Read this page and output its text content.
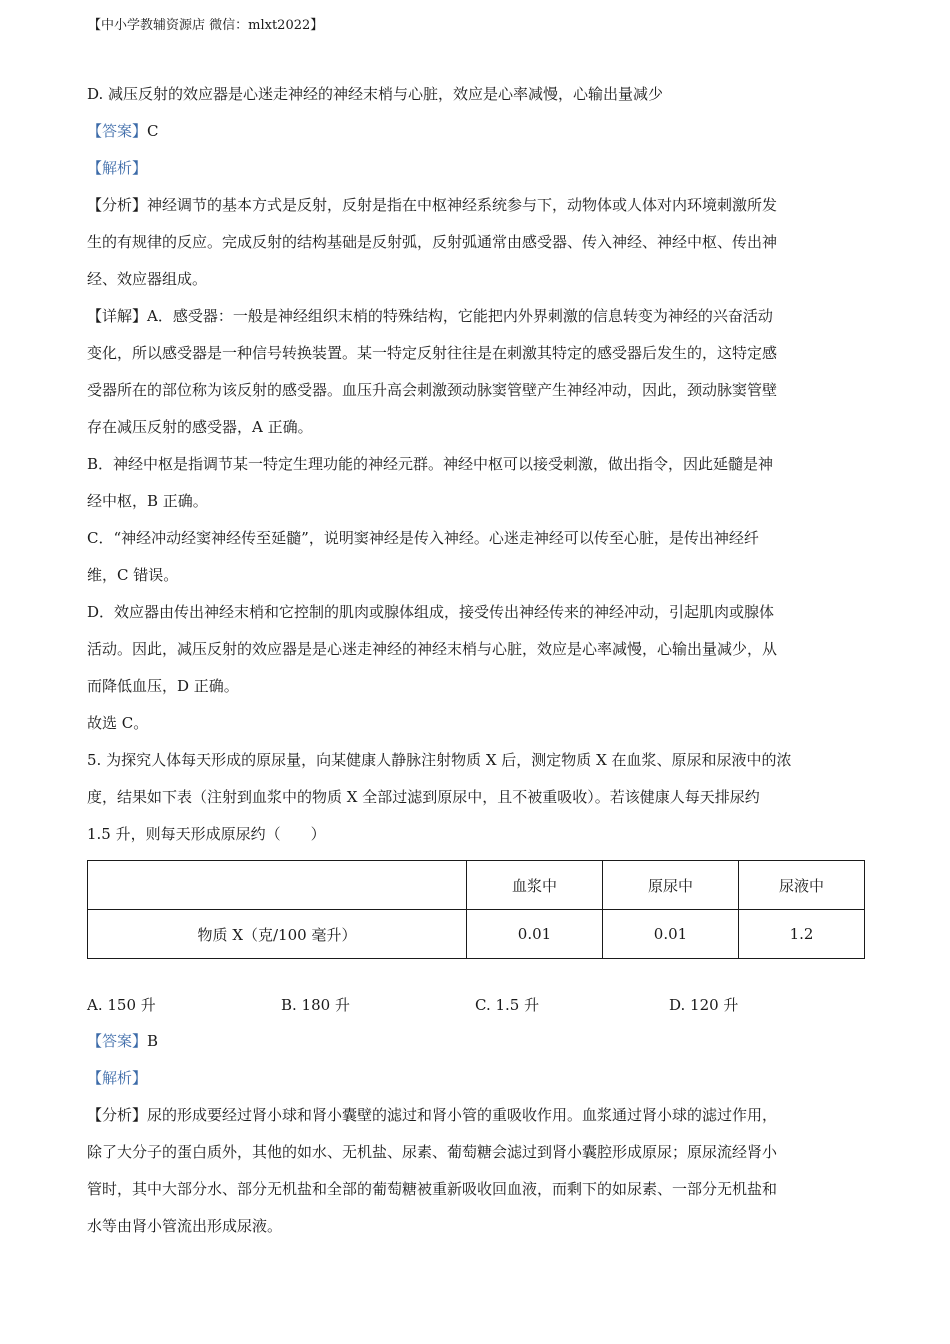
【中小学教辅资源店 微信：mlxt2022】
D. 减压反射的效应器是心迷走神经的神经末梢与心脏，效应是心率减慢，心输出量减少
【答案】C
【解析】
【分析】神经调节的基本方式是反射，反射是指在中枢神经系统参与下，动物体或人体对内环境刺激所发
生的有规律的反应。完成反射的结构基础是反射弧，反射弧通常由感受器、传入神经、神经中枢、传出神
经、效应器组成。
【详解】A．感受器：一般是神经组织末梢的特殊结构，它能把内外界刺激的信息转变为神经的兴奋活动
变化，所以感受器是一种信号转换装置。某一特定反射往往是在刺激其特定的感受器后发生的，这特定感
受器所在的部位称为该反射的感受器。血压升高会刺激颈动脉窦管壁产生神经冲动，因此，颈动脉窦管壁
存在减压反射的感受器，A 正确。
B．神经中枢是指调节某一特定生理功能的神经元群。神经中枢可以接受刺激，做出指令，因此延髓是神
经中枢，B 正确。
C．“神经冲动经窦神经传至延髓”，说明窦神经是传入神经。心迷走神经可以传至心脏，是传出神经纤
维，C 错误。
D．效应器由传出神经末梢和它控制的肌肉或腺体组成，接受传出神经传来的神经冲动，引起肌肉或腺体
活动。因此，减压反射的效应器是是心迷走神经的神经末梢与心脏，效应是心率减慢，心输出量减少，从
而降低血压，D 正确。
故选 C。
5. 为探究人体每天形成的原尿量，向某健康人静脉注射物质 X 后，测定物质 X 在血浆、原尿和尿液中的浓
度，结果如下表（注射到血浆中的物质 X 全部过滤到原尿中，且不被重吸收）。若该健康人每天排尿约
1.5 升，则每天形成原尿约（　　）
	血浆中	原尿中	尿液中
物质 X（克/100 毫升）	0.01	0.01	1.2
A. 150 升	B. 180 升	C. 1.5 升	D. 120 升
【答案】B
【解析】
【分析】尿的形成要经过肾小球和肾小囊壁的滤过和肾小管的重吸收作用。血浆通过肾小球的滤过作用，
除了大分子的蛋白质外，其他的如水、无机盐、尿素、葡萄糖会滤过到肾小囊腔形成原尿；原尿流经肾小
管时，其中大部分水、部分无机盐和全部的葡萄糖被重新吸收回血液，而剩下的如尿素、一部分无机盐和
水等由肾小管流出形成尿液。
